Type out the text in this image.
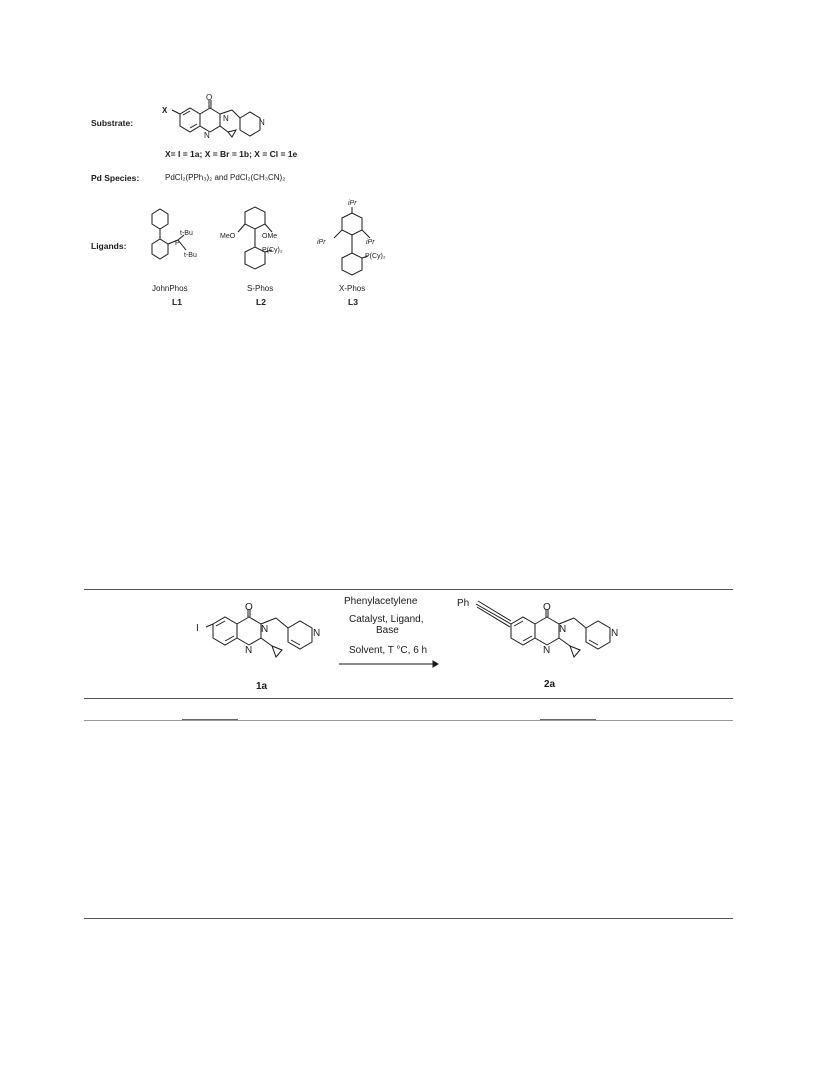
Substrate:
X
O
N
N
N
X= I = 1a; X = Br = 1b; X = Cl = 1e
Pd Species:	PdCl₂(PPh₃)₂ and PdCl₂(CH₃CN)₂
Ligands:
t-Bu
P
t-Bu
MeO	OMe
P(Cy)₂
iPr
iPr	iPr
P(Cy)₂
JohnPhos
L1
S-Phos
L2
X-Phos
L3
I
O
N
N
N
Ph	O
N
N
N
Phenylacetylene
Catalyst, Ligand,
Base
Solvent, T °C, 6 h
1a	2a
